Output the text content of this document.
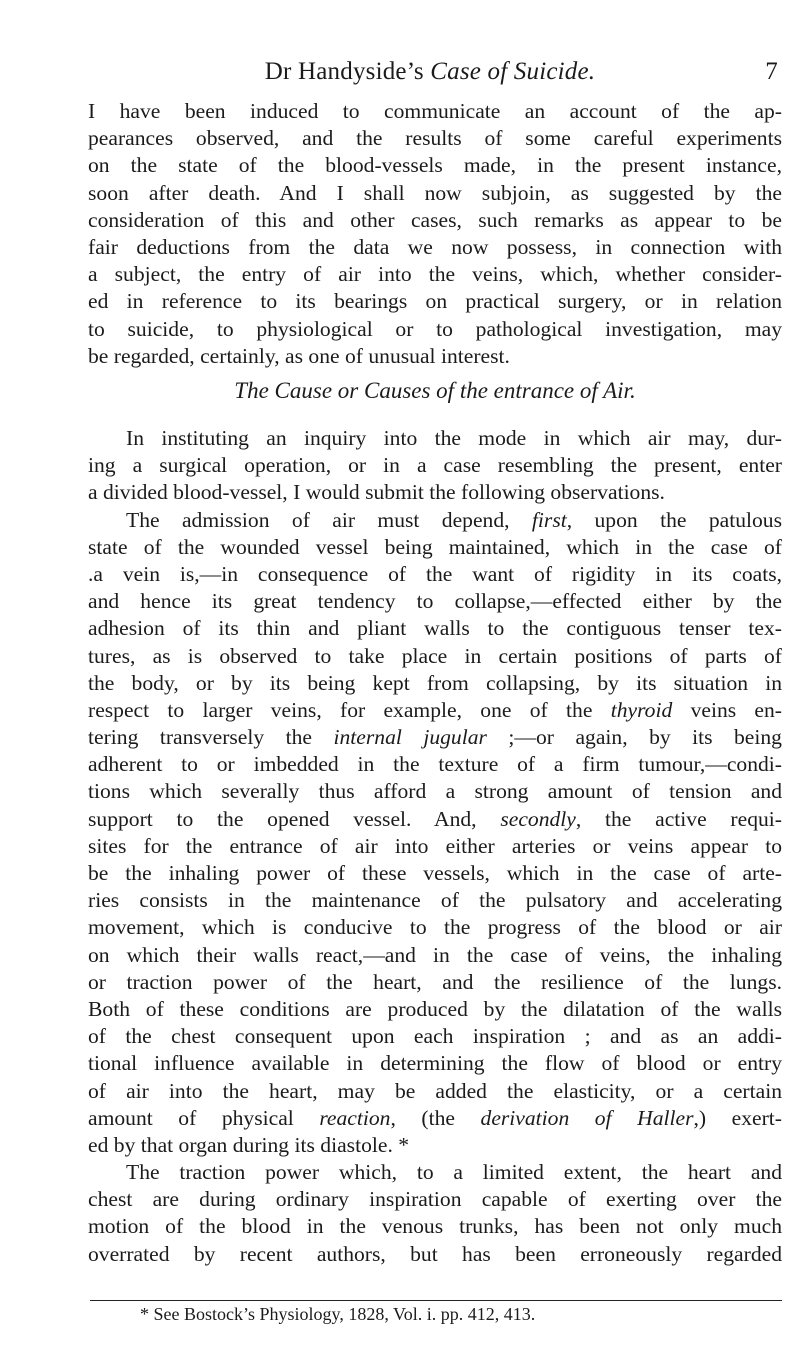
Dr Handyside’s Case of Suicide.	7
I have been induced to communicate an account of the ap-
pearances observed, and the results of some careful experiments
on the state of the blood-vessels made, in the present instance,
soon after death. And I shall now subjoin, as suggested by the
consideration of this and other cases, such remarks as appear to be
fair deductions from the data we now possess, in connection with
a subject, the entry of air into the veins, which, whether consider-
ed in reference to its bearings on practical surgery, or in relation
to suicide, to physiological or to pathological investigation, may
be regarded, certainly, as one of unusual interest.
The Cause or Causes of the entrance of Air.
In instituting an inquiry into the mode in which air may, dur-
ing a surgical operation, or in a case resembling the present, enter
a divided blood-vessel, I would submit the following observations.
The admission of air must depend, first, upon the patulous
state of the wounded vessel being maintained, which in the case of
.a vein is,—in consequence of the want of rigidity in its coats,
and hence its great tendency to collapse,—effected either by the
adhesion of its thin and pliant walls to the contiguous tenser tex-
tures, as is observed to take place in certain positions of parts of
the body, or by its being kept from collapsing, by its situation in
respect to larger veins, for example, one of the thyroid veins en-
tering transversely the internal jugular ;—or again, by its being
adherent to or imbedded in the texture of a firm tumour,—condi-
tions which severally thus afford a strong amount of tension and
support to the opened vessel. And, secondly, the active requi-
sites for the entrance of air into either arteries or veins appear to
be the inhaling power of these vessels, which in the case of arte-
ries consists in the maintenance of the pulsatory and accelerating
movement, which is conducive to the progress of the blood or air
on which their walls react,—and in the case of veins, the inhaling
or traction power of the heart, and the resilience of the lungs.
Both of these conditions are produced by the dilatation of the walls
of the chest consequent upon each inspiration ; and as an addi-
tional influence available in determining the flow of blood or entry
of air into the heart, may be added the elasticity, or a certain
amount of physical reaction, (the derivation of Haller,) exert-
ed by that organ during its diastole. *
The traction power which, to a limited extent, the heart and
chest are during ordinary inspiration capable of exerting over the
motion of the blood in the venous trunks, has been not only much
overrated by recent authors, but has been erroneously regarded
* See Bostock’s Physiology, 1828, Vol. i. pp. 412, 413.
